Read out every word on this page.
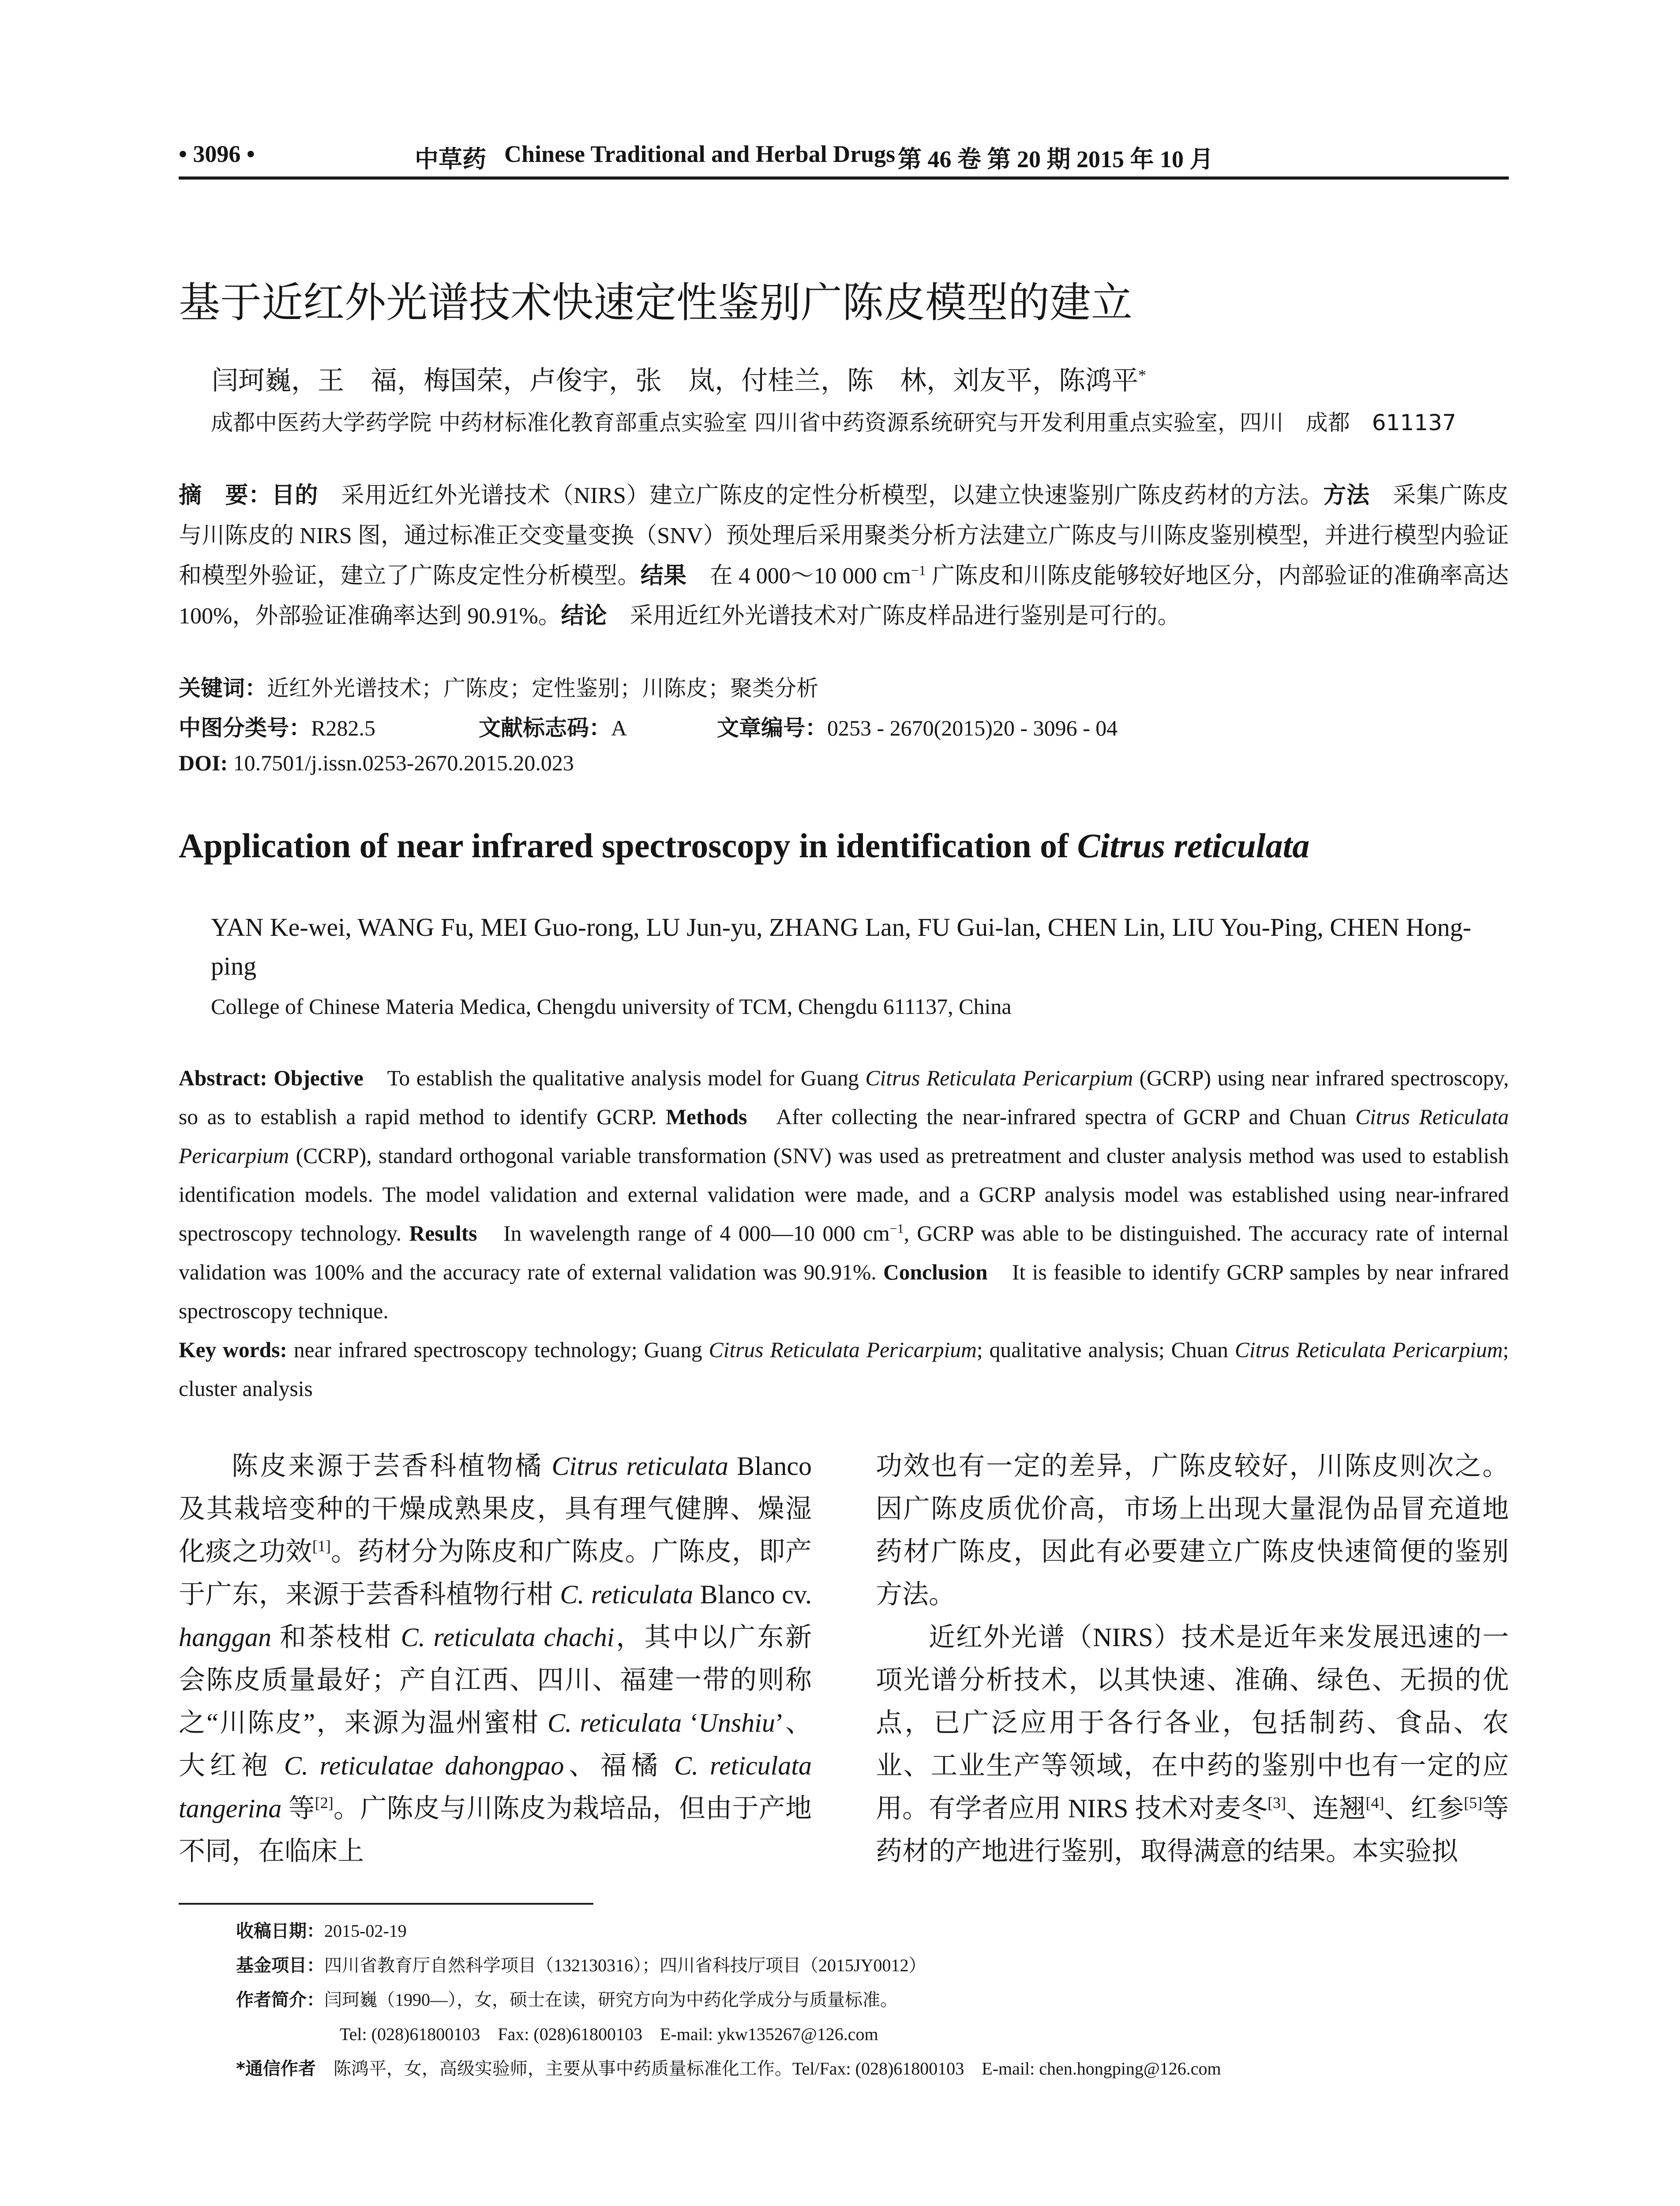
• 3096 •	中草药 Chinese Traditional and Herbal Drugs 第 46 卷 第 20 期 2015 年 10 月
基于近红外光谱技术快速定性鉴别广陈皮模型的建立
闫珂巍，王　福，梅国荣，卢俊宇，张　岚，付桂兰，陈　林，刘友平，陈鸿平*
成都中医药大学药学院 中药材标准化教育部重点实验室 四川省中药资源系统研究与开发利用重点实验室，四川　成都　611137
摘　要：目的　采用近红外光谱技术（NIRS）建立广陈皮的定性分析模型，以建立快速鉴别广陈皮药材的方法。方法　采集广陈皮与川陈皮的 NIRS 图，通过标准正交变量变换（SNV）预处理后采用聚类分析方法建立广陈皮与川陈皮鉴别模型，并进行模型内验证和模型外验证，建立了广陈皮定性分析模型。结果　在 4 000～10 000 $cm^{-1}$ 广陈皮和川陈皮能够较好地区分，内部验证的准确率高达 100%，外部验证准确率达到 90.91%。结论　采用近红外光谱技术对广陈皮样品进行鉴别是可行的。
关键词：近红外光谱技术；广陈皮；定性鉴别；川陈皮；聚类分析
中图分类号：R282.5	文献标志码：A	文章编号：0253 - 2670(2015)20 - 3096 - 04
DOI: 10.7501/j.issn.0253-2670.2015.20.023
Application of near infrared spectroscopy in identification of Citrus reticulata
YAN Ke-wei, WANG Fu, MEI Guo-rong, LU Jun-yu, ZHANG Lan, FU Gui-lan, CHEN Lin, LIU You-Ping, CHEN Hong-ping
College of Chinese Materia Medica, Chengdu university of TCM, Chengdu 611137, China
Abstract: Objective　To establish the qualitative analysis model for Guang Citrus Reticulata Pericarpium (GCRP) using near infrared spectroscopy, so as to establish a rapid method to identify GCRP. Methods　After collecting the near-infrared spectra of GCRP and Chuan Citrus Reticulata Pericarpium (CCRP), standard orthogonal variable transformation (SNV) was used as pretreatment and cluster analysis method was used to establish identification models. The model validation and external validation were made, and a GCRP analysis model was established using near-infrared spectroscopy technology. Results　In wavelength range of 4 000—10 000 $cm^{-1}$, GCRP was able to be distinguished. The accuracy rate of internal validation was 100% and the accuracy rate of external validation was 90.91%. Conclusion　It is feasible to identify GCRP samples by near infrared spectroscopy technique.
Key words: near infrared spectroscopy technology; Guang Citrus Reticulata Pericarpium; qualitative analysis; Chuan Citrus Reticulata Pericarpium; cluster analysis

陈皮来源于芸香科植物橘 Citrus reticulata Blanco 及其栽培变种的干燥成熟果皮，具有理气健脾、燥湿化痰之功效[1]。药材分为陈皮和广陈皮。广陈皮，即产于广东，来源于芸香科植物行柑 C. reticulata Blanco cv. hanggan 和茶枝柑 C. reticulata chachi，其中以广东新会陈皮质量最好；产自江西、四川、福建一带的则称之“川陈皮”，来源为温州蜜柑 C. reticulata ‘Unshiu’、大红袍 C. reticulatae dahongpao、福橘 C. reticulata tangerina 等[2]。广陈皮与川陈皮为栽培品，但由于产地不同，在临床上

功效也有一定的差异，广陈皮较好，川陈皮则次之。因广陈皮质优价高，市场上出现大量混伪品冒充道地药材广陈皮，因此有必要建立广陈皮快速简便的鉴别方法。

近红外光谱（NIRS）技术是近年来发展迅速的一项光谱分析技术，以其快速、准确、绿色、无损的优点，已广泛应用于各行各业，包括制药、食品、农业、工业生产等领域，在中药的鉴别中也有一定的应用。有学者应用 NIRS 技术对麦冬[3]、连翘[4]、红参[5]等药材的产地进行鉴别，取得满意的结果。本实验拟

收稿日期：2015-02-19
基金项目：四川省教育厅自然科学项目（132130316）；四川省科技厅项目（2015JY0012）
作者简介：闫珂巍（1990—），女，硕士在读，研究方向为中药化学成分与质量标准。
Tel: (028)61800103　Fax: (028)61800103　E-mail: ykw135267@126.com
*通信作者　陈鸿平，女，高级实验师，主要从事中药质量标准化工作。Tel/Fax: (028)61800103　E-mail: chen.hongping@126.com
